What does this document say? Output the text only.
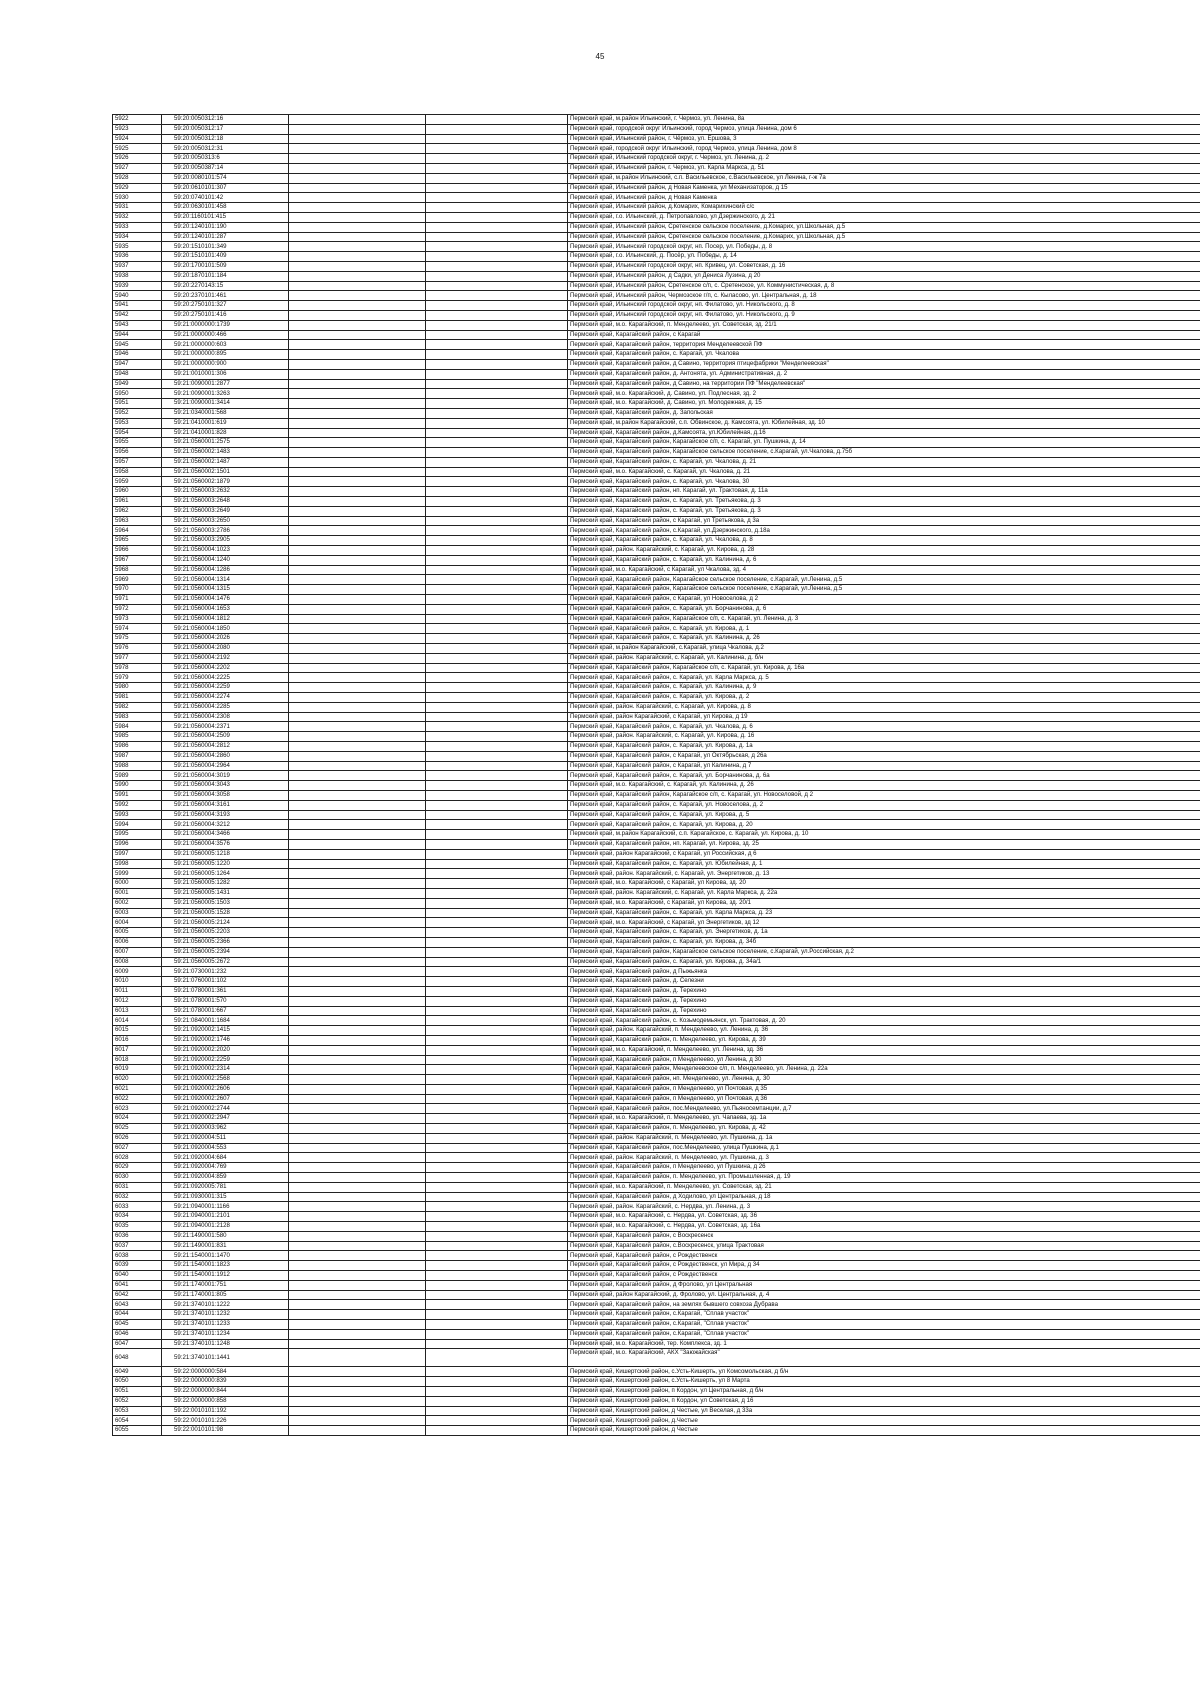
45
5922	59:20:0050312:16			Пермский край, м.район Ильинский, г. Чермоз, ул. Ленина, 8а
5923	59:20:0050312:17			Пермский край, городской округ Ильинский, город Чермоз, улица Ленина, дом 6
5924	59:20:0050312:18			Пермский край, Ильинский район, г. Чёрмоз, ул. Ершова, 3
5925	59:20:0050312:31			Пермский край, городской округ Ильинский, город Чермоз, улица Ленина, дом 8
5926	59:20:0050313:6			Пермский край, Ильинский городской округ, г. Чермоз, ул. Ленина, д. 2
5927	59:20:0050387:14			Пермский край, Ильинский район, г. Чермоз, ул. Карла Маркса, д. 51
5928	59:20:0080101:574			Пермский край, м.район Ильинский, с.п. Васильевское, с.Васильевское, ул Ленина, г-ж 7а
5929	59:20:0610101:307			Пермский край, Ильинский район, д Новая Каменка, ул Механизаторов, д 15
5930	59:20:0740101:42			Пермский край, Ильинский район, д Новая Каменка
5931	59:20:0630101:458			Пермский край, Ильинский район, д.Комарих, Комарихинский с/с
5932	59:20:1160101:415			Пермский край, г.о. Ильинский, д. Петропавлово, ул Дзержинского, д. 21
5933	59:20:1240101:190			Пермский край, Ильинский район, Сретенское сельское поселение, д.Комарих, ул.Школьная, д.5
5934	59:20:1240101:287			Пермский край, Ильинский район, Сретенское сельское поселение, д.Комарих, ул.Школьная, д.5
5935	59:20:1510101:349			Пермский край, Ильинский городской округ, нп. Посер, ул. Победы, д. 8
5936	59:20:1510101:409			Пермский край, г.о. Ильинский, д. Посёр, ул. Победы, д. 14
5937	59:20:1700101:509			Пермский край, Ильинский городской округ, нп. Кривец, ул. Советская, д. 16
5938	59:20:1870101:184			Пермский край, Ильинский район, д Садки, ул Дениса Лузина, д 20
5939	59:20:2270143:15			Пермский край, Ильинский район, Сретенское с/п, с. Сретенское, ул. Коммунистическая, д. 8
5940	59:20:2370101:461			Пермский край, Ильинский район, Чермозское г/п, с. Кыласово, ул. Центральная, д. 18
5941	59:20:2750101:327			Пермский край, Ильинский городской округ, нп. Филатово, ул. Никольского, д. 8
5942	59:20:2750101:416			Пермский край, Ильинский городской округ, нп. Филатово, ул. Никольского, д. 9
5943	59:21:0000000:1739			Пермский край, м.о. Карагайский, п. Менделеево, ул. Советская, зд. 21/1
5944	59:21:0000000:466			Пермский край, Карагайский район, с Карагай
5945	59:21:0000000:603			Пермский край, Карагайский район, территория Менделеевской ПФ
5946	59:21:0000000:895			Пермский край, Карагайский район, с. Карагай, ул. Чкалова
5947	59:21:0000000:900			Пермский край, Карагайский район, д Савино, территория птицефабрики "Менделеевская"
5948	59:21:0010001:306			Пермский край, Карагайский район, д. Антонята, ул. Административная, д. 2
5949	59:21:0090001:2877			Пермский край, Карагайский район, д Савино, на территории ПФ "Менделеевская"
5950	59:21:0090001:3263			Пермский край, м.о. Карагайский, д. Савино, ул. Подлесная, зд. 2
5951	59:21:0090001:3414			Пермский край, м.о. Карагайский, д. Савино, ул. Молодежная, д. 15
5952	59:21:0340001:568			Пермский край, Карагайский район, д. Запольская
5953	59:21:0410001:619			Пермский край, м.район Карагайский, с.п. Обвинское, д. Камсоята, ул. Юбилейная, зд. 10
5954	59:21:0410001:828			Пермский край, Карагайский район, д.Камсоята, ул.Юбилейная, д.16
5955	59:21:0560001:2575			Пермский край, Карагайский район, Карагайское с/п, с. Карагай, ул. Пушкина, д. 14
5956	59:21:0560002:1483			Пермский край, Карагайский район, Карагайское сельское поселение, с.Карагай, ул.Чкалова, д.75б
5957	59:21:0560002:1487			Пермский край, Карагайский район, с. Карагай, ул. Чкалова, д. 21
5958	59:21:0560002:1501			Пермский край, м.о. Карагайский, с. Карагай, ул. Чкалова, д. 21
5959	59:21:0560002:1879			Пермский край, Карагайский район, с. Карагай, ул. Чкалова, 30
5960	59:21:0560003:2632			Пермский край, Карагайский район, нп. Карагай, ул. Трактовая, д. 11а
5961	59:21:0560003:2648			Пермский край, Карагайский район, с. Карагай, ул. Третьякова, д. 3
5962	59:21:0560003:2649			Пермский край, Карагайский район, с. Карагай, ул. Третьякова, д. 3
5963	59:21:0560003:2650			Пермский край, Карагайский район, с Карагай, ул Третьякова, д 3а
5964	59:21:0560003:2786			Пермский край, Карагайский район, с.Карагай, ул.Дзержинского, д.18а
5965	59:21:0560003:2905			Пермский край, Карагайский район, с. Карагай, ул. Чкалова, д. 8
5966	59:21:0560004:1023			Пермский край, район. Карагайский, с. Карагай, ул. Кирова, д. 28
5967	59:21:0560004:1240			Пермский край, Карагайский район, с. Карагай, ул. Калинина, д. 6
5968	59:21:0560004:1286			Пермский край, м.о. Карагайский, с Карагай, ул Чкалова, зд. 4
5969	59:21:0560004:1314			Пермский край, Карагайский район, Карагайское сельское поселение, с.Карагай, ул.Ленина, д.5
5970	59:21:0560004:1315			Пермский край, Карагайский район, Карагайское сельское поселение, с.Карагай, ул.Ленина, д.5
5971	59:21:0560004:1476			Пермский край, Карагайский район, с Карагай, ул Новоселова, д 2
5972	59:21:0560004:1653			Пермский край, Карагайский район, с. Карагай, ул. Борчанинова, д. 6
5973	59:21:0560004:1812			Пермский край, Карагайский район, Карагайское с/п, с. Карагай, ул. Ленина, д. 3
5974	59:21:0560004:1850			Пермский край, Карагайский район, с. Карагай, ул. Кирова, д. 1
5975	59:21:0560004:2026			Пермский край, Карагайский район, с. Карагай, ул. Калинина, д. 26
5976	59:21:0560004:2080			Пермский край, м.район Карагайский, с.Карагай, улица Чкалова, д.2
5977	59:21:0560004:2192			Пермский край, район. Карагайский, с. Карагай, ул. Калинина, д. б/н
5978	59:21:0560004:2202			Пермский край, Карагайский район, Карагайское с/п, с. Карагай, ул. Кирова, д. 16а
5979	59:21:0560004:2225			Пермский край, Карагайский район, с. Карагай, ул. Карла Маркса, д. 5
5980	59:21:0560004:2259			Пермский край, Карагайский район, с. Карагай, ул. Калинина, д. 9
5981	59:21:0560004:2274			Пермский край, Карагайский район, с. Карагай, ул. Кирова, д. 2
5982	59:21:0560004:2285			Пермский край, район. Карагайский, с. Карагай, ул. Кирова, д. 8
5983	59:21:0560004:2308			Пермский край, район Карагайский, с Карагай, ул Кирова, д 19
5984	59:21:0560004:2371			Пермский край, Карагайский район, с. Карагай, ул. Чкалова, д. 6
5985	59:21:0560004:2509			Пермский край, район. Карагайский, с. Карагай, ул. Кирова, д. 16
5986	59:21:0560004:2812			Пермский край, Карагайский район, с. Карагай, ул. Кирова, д. 1а
5987	59:21:0560004:2860			Пермский край, Карагайский район, с Карагай, ул Октябрьская, д 26а
5988	59:21:0560004:2964			Пермский край, Карагайский район, с Карагай, ул Калинина, д 7
5989	59:21:0560004:3019			Пермский край, Карагайский район, с. Карагай, ул. Борчанинова, д. 6а
5990	59:21:0560004:3043			Пермский край, м.о. Карагайский, с. Карагай, ул. Калинина, д. 26
5991	59:21:0560004:3058			Пермский край, Карагайский район, Карагайское с/п, с. Карагай, ул. Новоселовой, д 2
5992	59:21:0560004:3161			Пермский край, Карагайский район, с. Карагай, ул. Новоселова, д. 2
5993	59:21:0560004:3193			Пермский край, Карагайский район, с. Карагай, ул. Кирова, д. 5
5994	59:21:0560004:3212			Пермский край, Карагайский район, с. Карагай, ул. Кирова, д. 20
5995	59:21:0560004:3466			Пермский край, м.район Карагайский, с.п. Карагайское, с. Карагай, ул. Кирова, д. 10
5996	59:21:0560004:3576			Пермский край, Карагайский район, нп. Карагай, ул. Кирова, зд. 25
5997	59:21:0560005:1218			Пермский край, район Карагайский, с Карагай, ул Российская, д 6
5998	59:21:0560005:1220			Пермский край, Карагайский район, с. Карагай, ул. Юбилейная, д. 1
5999	59:21:0560005:1264			Пермский край, район. Карагайский, с. Карагай, ул. Энергетиков, д. 13
6000	59:21:0560005:1282			Пермский край, м.о. Карагайский, с Карагай, ул Кирова, зд. 20
6001	59:21:0560005:1431			Пермский край, район. Карагайский, с. Карагай, ул. Карла Маркса, д. 22а
6002	59:21:0560005:1503			Пермский край, м.о. Карагайский, с Карагай, ул Кирова, зд. 20/1
6003	59:21:0560005:1528			Пермский край, Карагайский район, с. Карагай, ул. Карла Маркса, д. 23
6004	59:21:0560005:2124			Пермский край, м.о. Карагайский, с Карагай, ул Энергетиков, зд 12
6005	59:21:0560005:2203			Пермский край, Карагайский район, с. Карагай, ул. Энергетиков, д. 1а
6006	59:21:0560005:2366			Пермский край, Карагайский район, с. Карагай, ул. Кирова, д. 34б
6007	59:21:0560005:2394			Пермский край, Карагайский район, Карагайское сельское поселение, с.Карагай, ул.Российская, д.2
6008	59:21:0560005:2672			Пермский край, Карагайский район, с. Карагай, ул. Кирова, д. 34а/1
6009	59:21:0730001:232			Пермский край, Карагайский район, д Пыжьянка
6010	59:21:0760001:102			Пермский край, Карагайский район, д. Селезни
6011	59:21:0780001:361			Пермский край, Карагайский район, д. Терехино
6012	59:21:0780001:570			Пермский край, Карагайский район, д. Терехино
6013	59:21:0780001:667			Пермский край, Карагайский район, д. Терехино
6014	59:21:0840001:1684			Пермский край, Карагайский район, с. Козьмодемьянск, ул. Трактовая, д. 20
6015	59:21:0920002:1415			Пермский край, район. Карагайский, п. Менделеево, ул. Ленина, д. 36
6016	59:21:0920002:1746			Пермский край, Карагайский район, п. Менделеево, ул. Кирова, д. 39
6017	59:21:0920002:2020			Пермский край, м.о. Карагайский, п. Менделеево, ул. Ленина, зд. 36
6018	59:21:0920002:2259			Пермский край, Карагайский район, п Менделеево, ул Ленина, д 30
6019	59:21:0920002:2314			Пермский край, Карагайский район, Менделеевское с/п, п. Менделеево, ул. Ленина, д. 22а
6020	59:21:0920002:2568			Пермский край, Карагайский район, нп. Менделеево, ул. Ленина, д. 30
6021	59:21:0920002:2606			Пермский край, Карагайский район, п Менделеево, ул Почтовая, д 35
6022	59:21:0920002:2607			Пермский край, Карагайский район, п Менделеево, ул Почтовая, д 36
6023	59:21:0920002:2744			Пермский край, Карагайский район, пос.Менделеево, ул.Пьяносемтанции, д.7
6024	59:21:0920002:2947			Пермский край, м.о. Карагайский, п. Менделеево, ул. Чапаева, зд. 1а
6025	59:21:0920003:962			Пермский край, Карагайский район, п. Менделеево, ул. Кирова, д. 42
6026	59:21:0920004:511			Пермский край, район. Карагайский, п. Менделеево, ул. Пушкина, д. 1а
6027	59:21:0920004:553			Пермский край, Карагайский район, пос.Менделеево, улица Пушкина, д.1
6028	59:21:0920004:684			Пермский край, район. Карагайский, п. Менделеево, ул. Пушкина, д. 3
6029	59:21:0920004:769			Пермский край, Карагайский район, п Менделеево, ул Пушкина, д 26
6030	59:21:0920004:859			Пермский край, Карагайский район, п. Менделеево, ул. Промышленная, д. 19
6031	59:21:0920005:781			Пермский край, м.о. Карагайский, п. Менделеево, ул. Советская, зд. 21
6032	59:21:0930001:315			Пермский край, Карагайский район, д Ходилово, ул Центральная, д 18
6033	59:21:0940001:1166			Пермский край, район. Карагайский, с. Нердва, ул. Ленина, д. 3
6034	59:21:0940001:2101			Пермский край, м.о. Карагайский, с. Нердва, ул. Советская, зд. 36
6035	59:21:0940001:2128			Пермский край, м.о. Карагайский, с. Нердва, ул. Советская, зд. 16а
6036	59:21:1490001:580			Пермский край, Карагайский район, с Воскресенск
6037	59:21:1490001:831			Пермский край, Карагайский район, с.Воскресенск, улица Трактовая
6038	59:21:1540001:1470			Пермский край, Карагайский район, с Рождественск
6039	59:21:1540001:1823			Пермский край, Карагайский район, с Рождественск, ул Мира, д 34
6040	59:21:1540001:1912			Пермский край, Карагайский район, с Рождественск
6041	59:21:1740001:751			Пермский край, Карагайский район, д Фролово, ул Центральная
6042	59:21:1740001:805			Пермский край, район Карагайский, д. Фролово, ул. Центральная, д. 4
6043	59:21:3740101:1222			Пермский край, Карагайский район, на землях бывшего совхоза Дубрава
6044	59:21:3740101:1232			Пермский край, Карагайский район, с.Карагай, "Сплав участок"
6045	59:21:3740101:1233			Пермский край, Карагайский район, с.Карагай, "Сплав участок"
6046	59:21:3740101:1234			Пермский край, Карагайский район, с.Карагай, "Сплав участок"
6047	59:21:3740101:1248			Пермский край, м.о. Карагайский, тер. Комплекса, зд. 1
6048	59:21:3740101:1441			Пермский край, м.о. Карагайский, АКХ "Заюжайская"
6049	59:22:0000000:584			Пермский край, Кишертский район, с.Усть-Кишерть, ул Комсомольская, д б/н
6050	59:22:0000000:839			Пермский край, Кишертский район, с.Усть-Кишерть, ул 8 Марта
6051	59:22:0000000:844			Пермский край, Кишертский район, п Кордон, ул Центральная, д б/н
6052	59:22:0000000:858			Пермский край, Кишертский район, п Кордон, ул Советская, д 16
6053	59:22:0010101:192			Пермский край, Кишертский район, д Честые, ул Веселая, д 33а
6054	59:22:0010101:226			Пермский край, Кишертский район, д.Честые
6055	59:22:0010101:98			Пермский край, Кишертский район, д Честые
